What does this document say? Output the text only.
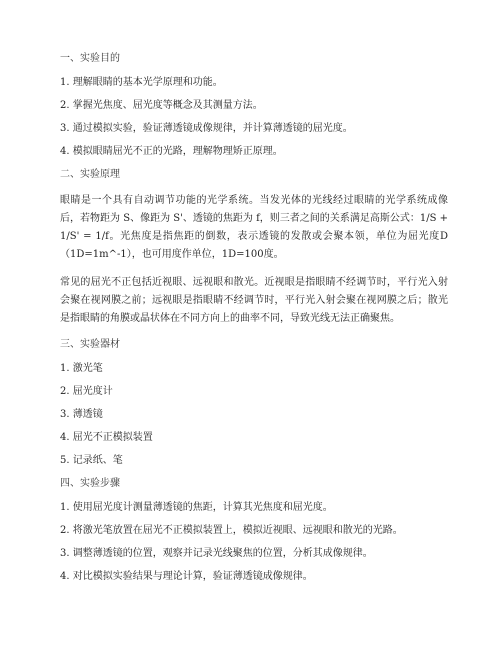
一、实验目的
1. 理解眼睛的基本光学原理和功能。
2. 掌握光焦度、屈光度等概念及其测量方法。
3. 通过模拟实验，验证薄透镜成像规律，并计算薄透镜的屈光度。
4. 模拟眼睛屈光不正的光路，理解物理矫正原理。
二、实验原理

眼睛是一个具有自动调节功能的光学系统。当发光体的光线经过眼睛的光学系统成像后，若物距为 S、像距为 S'、透镜的焦距为 f，则三者之间的关系满足高斯公式：1/S + 1/S' = 1/f。光焦度是指焦距的倒数，表示透镜的发散或会聚本领，单位为屈光度D（1D=1m^-1），也可用度作单位，1D=100度。

常见的屈光不正包括近视眼、远视眼和散光。近视眼是指眼睛不经调节时，平行光入射会聚在视网膜之前；远视眼是指眼睛不经调节时，平行光入射会聚在视网膜之后；散光是指眼睛的角膜或晶状体在不同方向上的曲率不同，导致光线无法正确聚焦。

三、实验器材
1. 激光笔
2. 屈光度计
3. 薄透镜
4. 屈光不正模拟装置
5. 记录纸、笔
四、实验步骤
1. 使用屈光度计测量薄透镜的焦距，计算其光焦度和屈光度。
2. 将激光笔放置在屈光不正模拟装置上，模拟近视眼、远视眼和散光的光路。
3. 调整薄透镜的位置，观察并记录光线聚焦的位置，分析其成像规律。
4. 对比模拟实验结果与理论计算，验证薄透镜成像规律。
